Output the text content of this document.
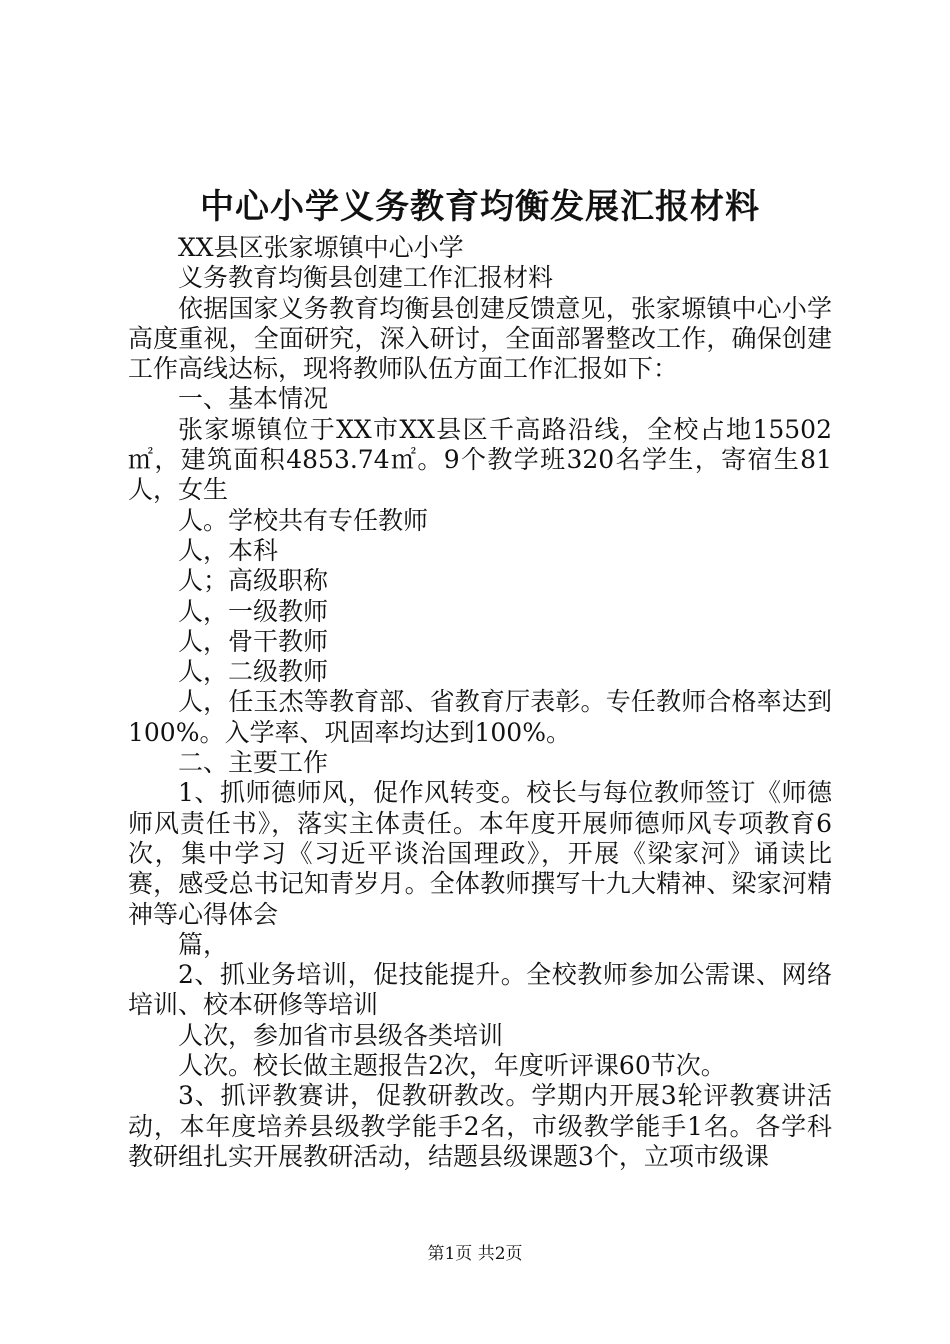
中心小学义务教育均衡发展汇报材料

XX县区张家塬镇中心小学

义务教育均衡县创建工作汇报材料

依据国家义务教育均衡县创建反馈意见，张家塬镇中心小学高度重视，全面研究，深入研讨，全面部署整改工作，确保创建工作高线达标，现将教师队伍方面工作汇报如下：

一、基本情况

张家塬镇位于XX市XX县区千高路沿线，全校占地15502㎡，建筑面积4853.74㎡。9个教学班320名学生，寄宿生81人，女生

人。学校共有专任教师

人，本科

人；高级职称

人，一级教师

人，骨干教师

人，二级教师

人，任玉杰等教育部、省教育厅表彰。专任教师合格率达到100%。入学率、巩固率均达到100%。

二、主要工作

1、抓师德师风，促作风转变。校长与每位教师签订《师德师风责任书》，落实主体责任。本年度开展师德师风专项教育6次，集中学习《习近平谈治国理政》，开展《梁家河》诵读比赛，感受总书记知青岁月。全体教师撰写十九大精神、梁家河精神等心得体会

篇，

2、抓业务培训，促技能提升。全校教师参加公需课、网络培训、校本研修等培训

人次，参加省市县级各类培训

人次。校长做主题报告2次，年度听评课60节次。

3、抓评教赛讲，促教研教改。学期内开展3轮评教赛讲活动，本年度培养县级教学能手2名，市级教学能手1名。各学科教研组扎实开展教研活动，结题县级课题3个，立项市级课

第1页 共2页
